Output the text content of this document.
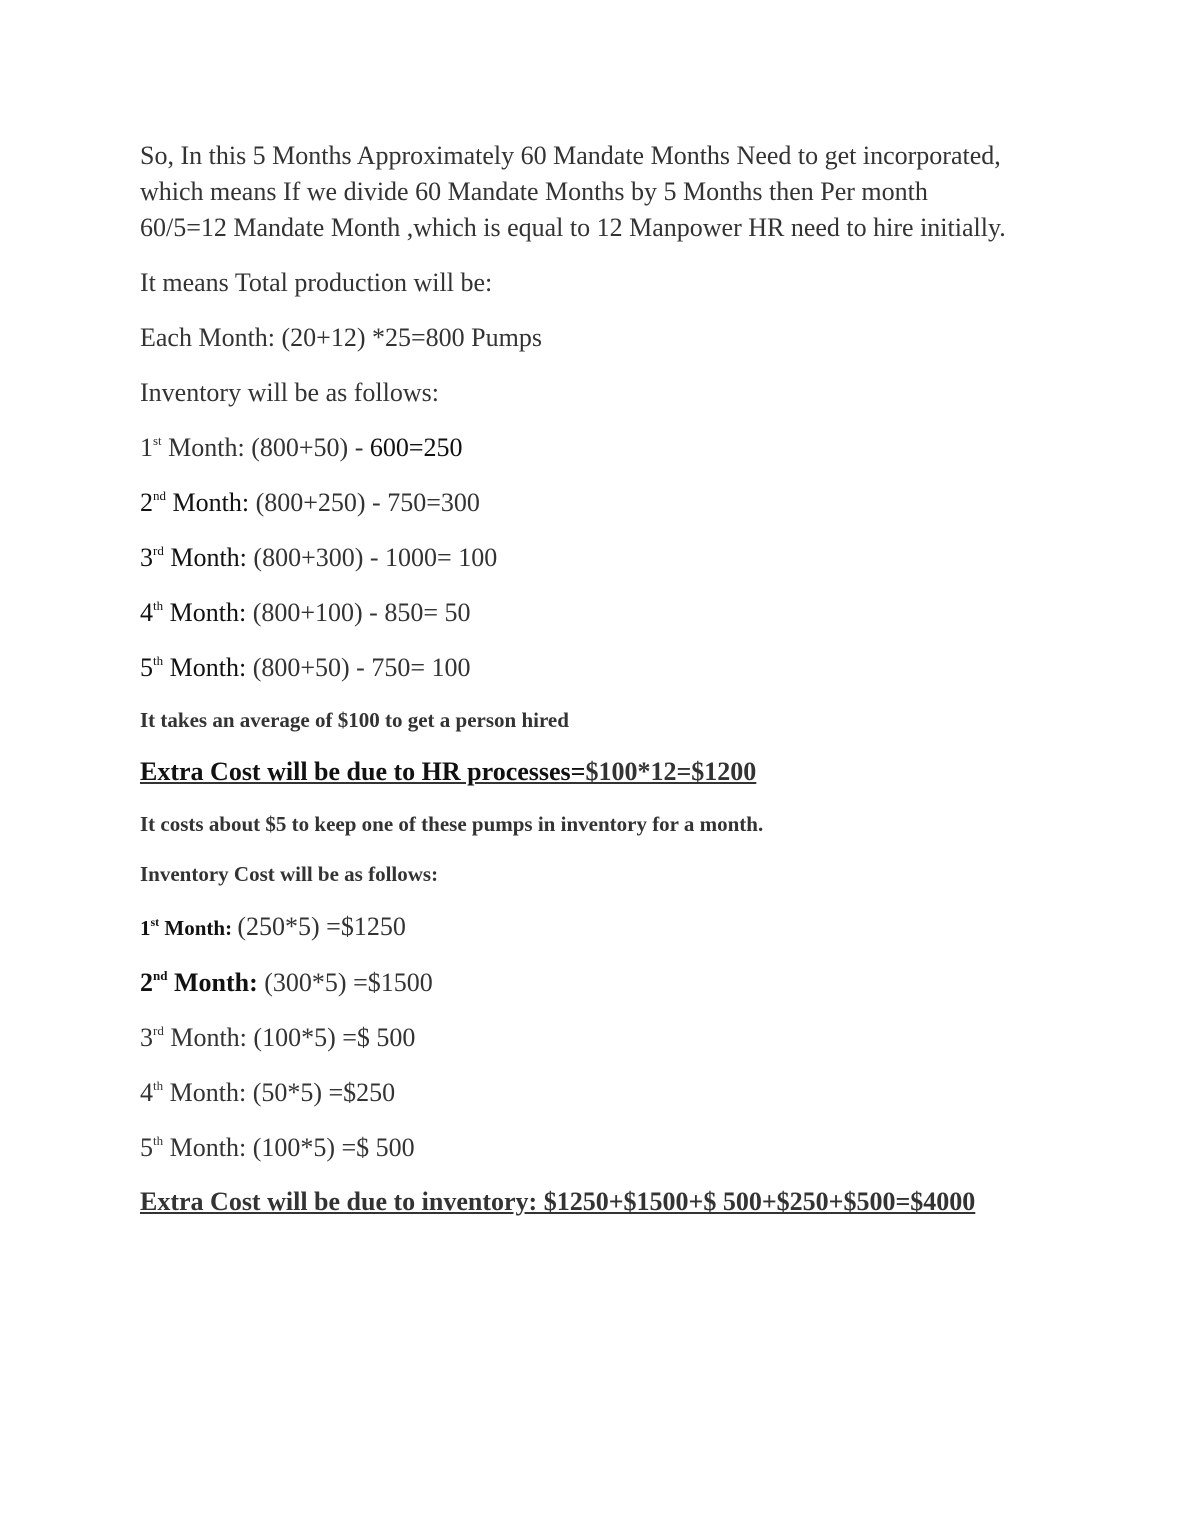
So, In this 5 Months Approximately 60 Mandate Months Need to get incorporated,
which means If we divide 60 Mandate Months by 5 Months then Per month
60/5=12 Mandate Month ,which is equal to 12 Manpower HR need to hire initially.

It means Total production will be:

Each Month: (20+12) *25=800 Pumps

Inventory will be as follows:

1st Month: (800+50) - 600=250

2nd Month: (800+250) - 750=300

3rd Month: (800+300) - 1000= 100

4th Month: (800+100) - 850= 50

5th Month: (800+50) - 750= 100

It takes an average of $100 to get a person hired

Extra Cost will be due to HR processes=$100*12=$1200

It costs about $5 to keep one of these pumps in inventory for a month.

Inventory Cost will be as follows:

1st Month: (250*5) =$1250

2nd Month: (300*5) =$1500

3rd Month: (100*5) =$ 500

4th Month: (50*5) =$250

5th Month: (100*5) =$ 500

Extra Cost will be due to inventory: $1250+$1500+$ 500+$250+$500=$4000
